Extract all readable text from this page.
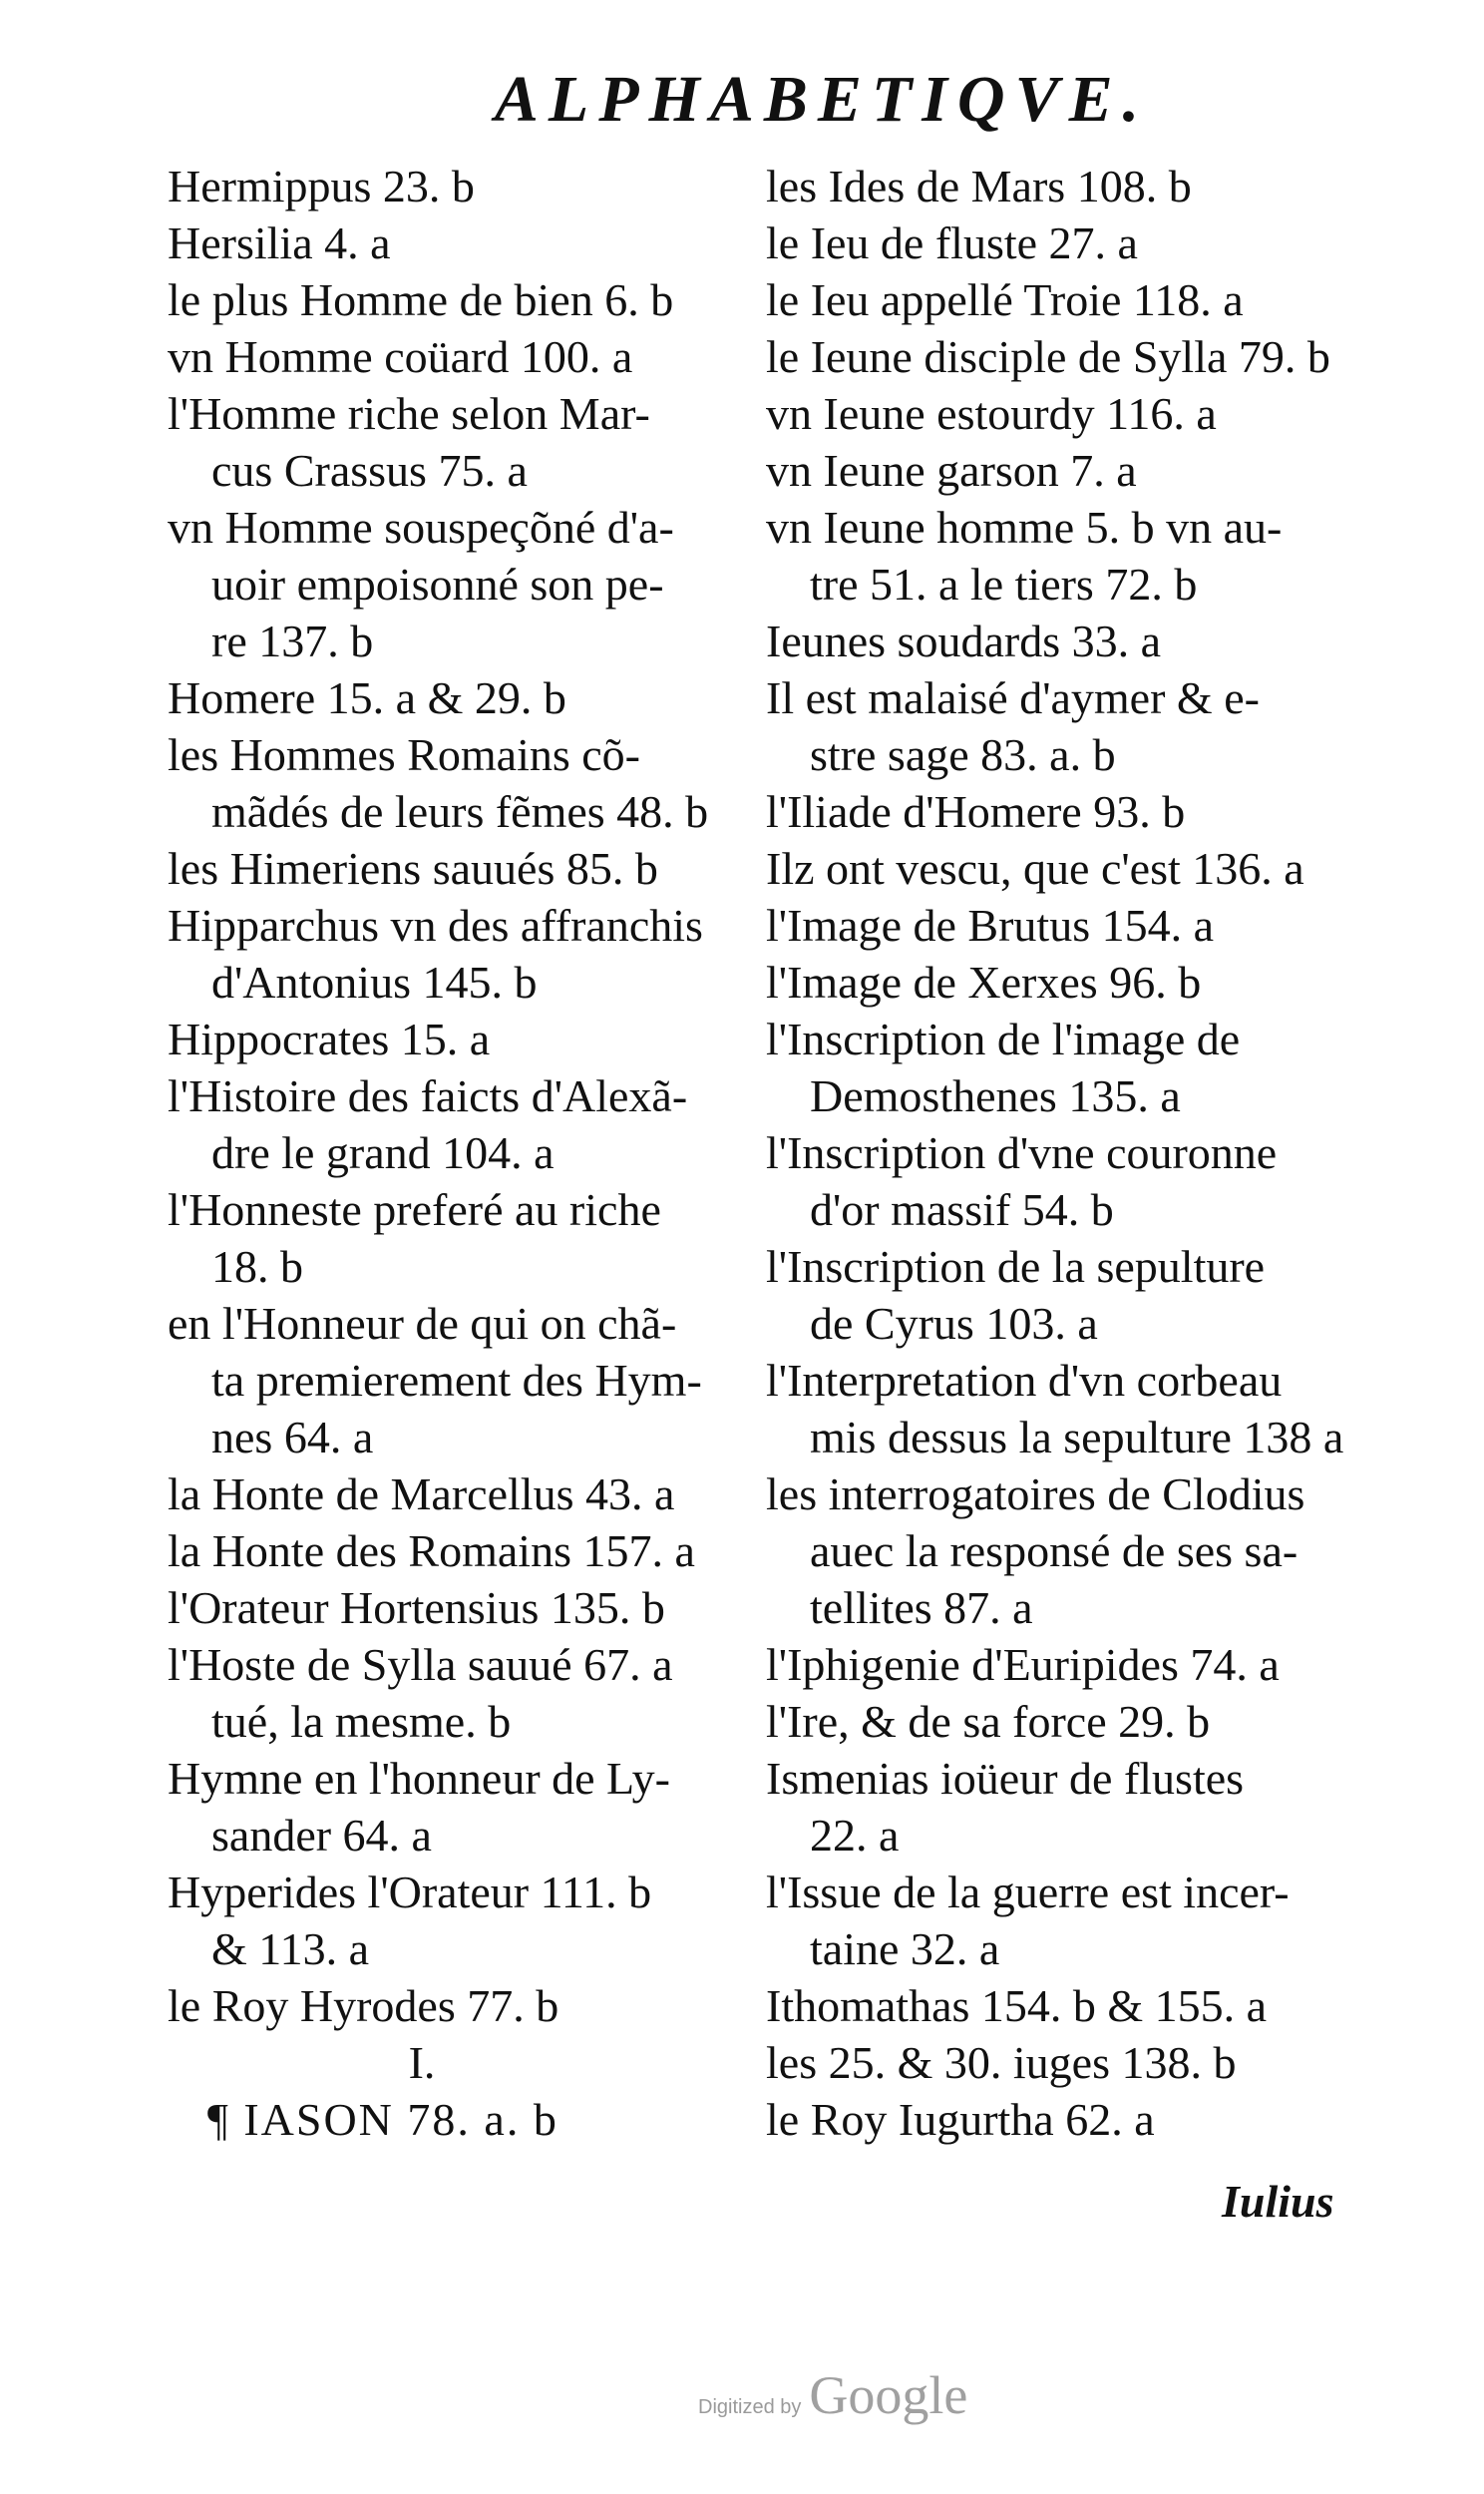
ALPHABETIQVE.
Hermippus 23. b
Hersilia 4. a
le plus Homme de bien 6. b
vn Homme coüard 100. a
l'Homme riche selon Mar-
cus Crassus 75. a
vn Homme souspeçõné d'a-
uoir empoisonné son pe-
re 137. b
Homere 15. a & 29. b
les Hommes Romains cõ-
mãdés de leurs fẽmes 48. b
les Himeriens sauués 85. b
Hipparchus vn des affranchis
d'Antonius 145. b
Hippocrates 15. a
l'Histoire des faicts d'Alexã-
dre le grand 104. a
l'Honneste preferé au riche
18. b
en l'Honneur de qui on chã-
ta premierement des Hym-
nes 64. a
la Honte de Marcellus 43. a
la Honte des Romains 157. a
l'Orateur Hortensius 135. b
l'Hoste de Sylla sauué 67. a
tué, la mesme. b
Hymne en l'honneur de Ly-
sander 64. a
Hyperides l'Orateur 111. b
& 113. a
le Roy Hyrodes 77. b
I.
¶ IASON 78. a. b
les Ides de Mars 108. b
le Ieu de fluste 27. a
le Ieu appellé Troie 118. a
le Ieune disciple de Sylla 79. b
vn Ieune estourdy 116. a
vn Ieune garson 7. a
vn Ieune homme 5. b vn au-
tre 51. a le tiers 72. b
Ieunes soudards 33. a
Il est malaisé d'aymer & e-
stre sage 83. a. b
l'Iliade d'Homere 93. b
Ilz ont vescu, que c'est 136. a
l'Image de Brutus 154. a
l'Image de Xerxes 96. b
l'Inscription de l'image de
Demosthenes 135. a
l'Inscription d'vne couronne
d'or massif 54. b
l'Inscription de la sepulture
de Cyrus 103. a
l'Interpretation d'vn corbeau
mis dessus la sepulture 138 a
les interrogatoires de Clodius
auec la responsé de ses sa-
tellites 87. a
l'Iphigenie d'Euripides 74. a
l'Ire, & de sa force 29. b
Ismenias ioüeur de flustes
22. a
l'Issue de la guerre est incer-
taine 32. a
Ithomathas 154. b & 155. a
les 25. & 30. iuges 138. b
le Roy Iugurtha 62. a
Iulius
Digitized by Google
